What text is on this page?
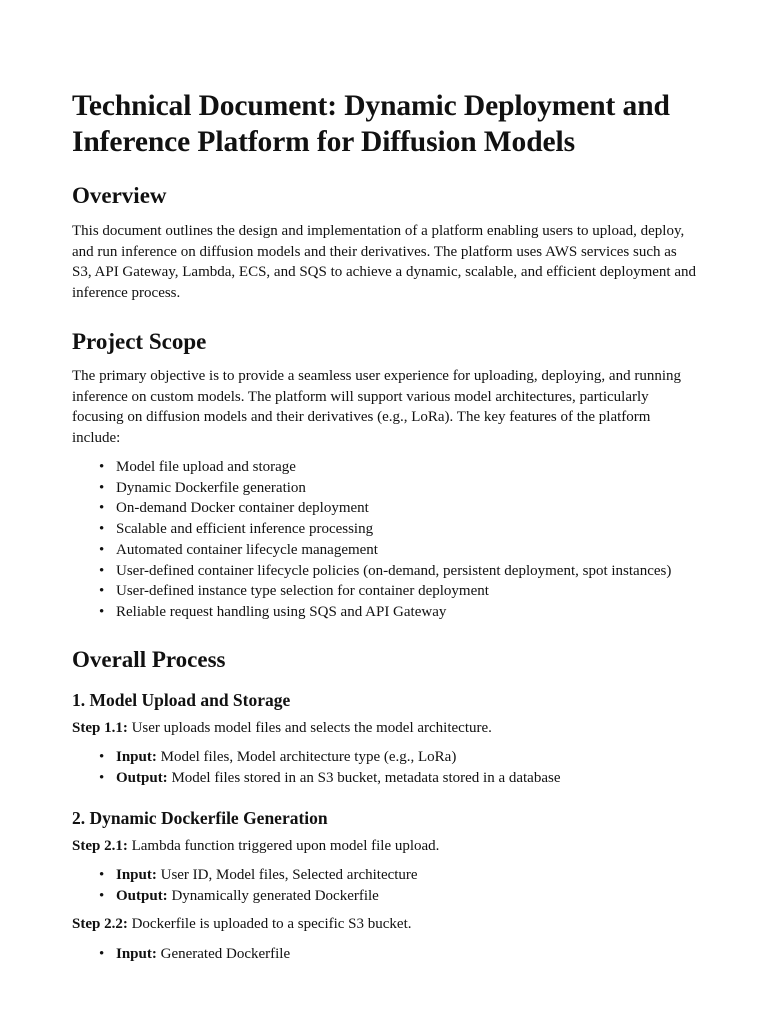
Technical Document: Dynamic Deployment and Inference Platform for Diffusion Models
Overview

This document outlines the design and implementation of a platform enabling users to upload, deploy, and run inference on diffusion models and their derivatives. The platform uses AWS services such as S3, API Gateway, Lambda, ECS, and SQS to achieve a dynamic, scalable, and efficient deployment and inference process.

Project Scope

The primary objective is to provide a seamless user experience for uploading, deploying, and running inference on custom models. The platform will support various model architectures, particularly focusing on diffusion models and their derivatives (e.g., LoRa). The key features of the platform include:

• Model file upload and storage
• Dynamic Dockerfile generation
• On-demand Docker container deployment
• Scalable and efficient inference processing
• Automated container lifecycle management
• User-defined container lifecycle policies (on-demand, persistent deployment, spot instances)
• User-defined instance type selection for container deployment
• Reliable request handling using SQS and API Gateway
Overall Process
1. Model Upload and Storage

Step 1.1: User uploads model files and selects the model architecture.

• Input: Model files, Model architecture type (e.g., LoRa)
• Output: Model files stored in an S3 bucket, metadata stored in a database
2. Dynamic Dockerfile Generation

Step 2.1: Lambda function triggered upon model file upload.

• Input: User ID, Model files, Selected architecture
• Output: Dynamically generated Dockerfile

Step 2.2: Dockerfile is uploaded to a specific S3 bucket.

• Input: Generated Dockerfile
